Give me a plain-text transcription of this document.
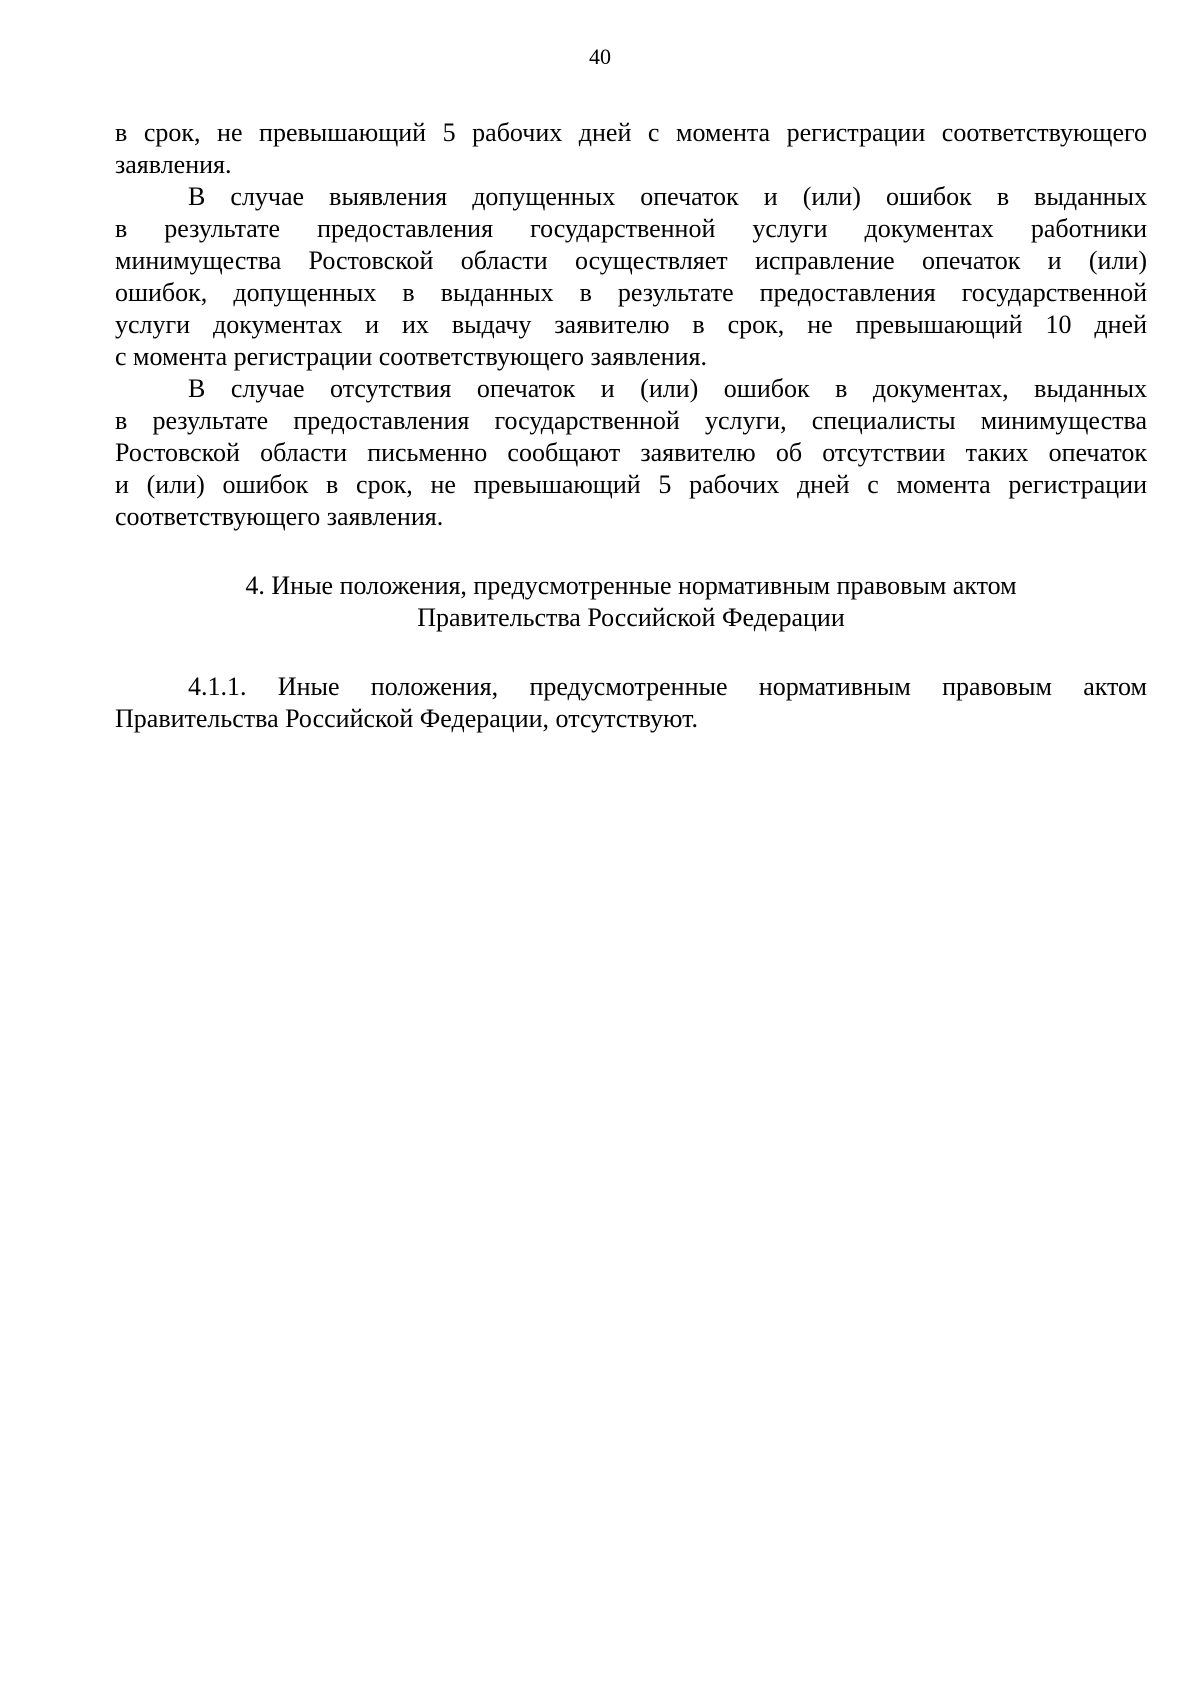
40
в срок, не превышающий 5 рабочих дней с момента регистрации соответствующего
заявления.
В случае выявления допущенных опечаток и (или) ошибок в выданных
в результате предоставления государственной услуги документах работники
минимущества Ростовской области осуществляет исправление опечаток и (или)
ошибок, допущенных в выданных в результате предоставления государственной
услуги документах и их выдачу заявителю в срок, не превышающий 10 дней
с момента регистрации соответствующего заявления.
В случае отсутствия опечаток и (или) ошибок в документах, выданных
в результате предоставления государственной услуги, специалисты минимущества
Ростовской области письменно сообщают заявителю об отсутствии таких опечаток
и (или) ошибок в срок, не превышающий 5 рабочих дней с момента регистрации
соответствующего заявления.
4. Иные положения, предусмотренные нормативным правовым актом
Правительства Российской Федерации
4.1.1. Иные положения, предусмотренные нормативным правовым актом
Правительства Российской Федерации, отсутствуют.
